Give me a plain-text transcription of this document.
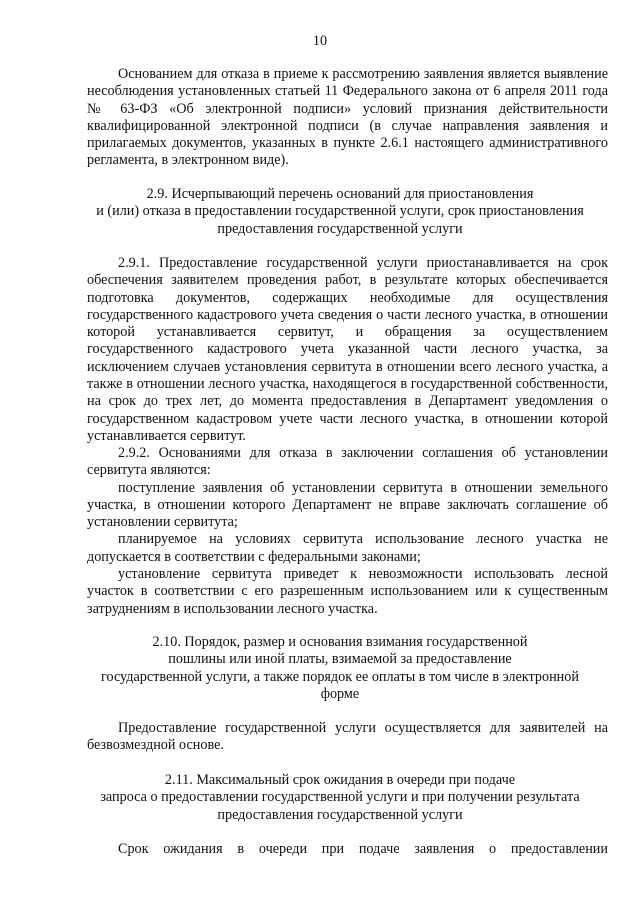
10

Основанием для отказа в приеме к рассмотрению заявления является выявление несоблюдения установленных статьей 11 Федерального закона от 6 апреля 2011 года № 63-ФЗ «Об электронной подписи» условий признания действительности квалифицированной электронной подписи (в случае направления заявления и прилагаемых документов, указанных в пункте 2.6.1 настоящего административного регламента, в электронном виде).

2.9. Исчерпывающий перечень оснований для приостановления

и (или) отказа в предоставлении государственной услуги, срок приостановления

предоставления государственной услуги

2.9.1. Предоставление государственной услуги приостанавливается на срок обеспечения заявителем проведения работ, в результате которых обеспечивается подготовка документов, содержащих необходимые для осуществления государственного кадастрового учета сведения о части лесного участка, в отношении которой устанавливается сервитут, и обращения за осуществлением государственного кадастрового учета указанной части лесного участка, за исключением случаев установления сервитута в отношении всего лесного участка, а также в отношении лесного участка, находящегося в государственной собственности, на срок до трех лет, до момента предоставления в Департамент уведомления о государственном кадастровом учете части лесного участка, в отношении которой устанавливается сервитут.

2.9.2. Основаниями для отказа в заключении соглашения об установлении сервитута являются:

поступление заявления об установлении сервитута в отношении земельного участка, в отношении которого Департамент не вправе заключать соглашение об установлении сервитута;

планируемое на условиях сервитута использование лесного участка не допускается в соответствии с федеральными законами;

установление сервитута приведет к невозможности использовать лесной участок в соответствии с его разрешенным использованием или к существенным затруднениям в использовании лесного участка.

2.10. Порядок, размер и основания взимания государственной

пошлины или иной платы, взимаемой за предоставление

государственной услуги, а также порядок ее оплаты в том числе в электронной

форме

Предоставление государственной услуги осуществляется для заявителей на безвозмездной основе.

2.11. Максимальный срок ожидания в очереди при подаче

запроса о предоставлении государственной услуги и при получении результата

предоставления государственной услуги

Срок ожидания в очереди при подаче заявления о предоставлении
